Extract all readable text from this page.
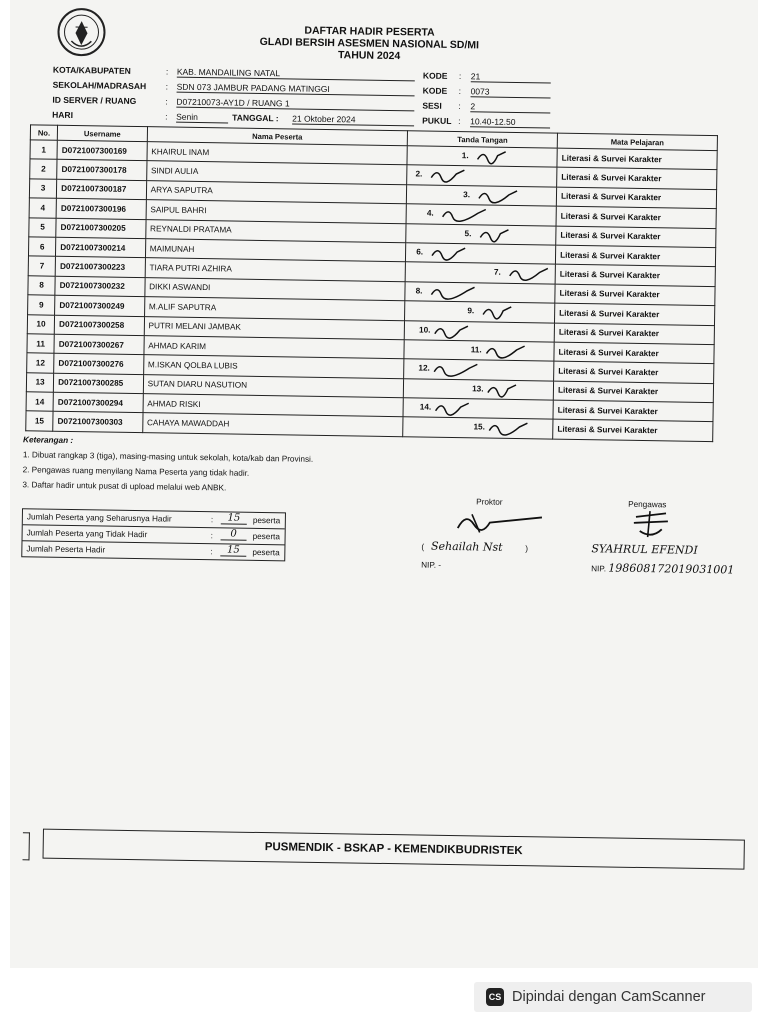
DAFTAR HADIR PESERTA
GLADI BERSIH ASESMEN NASIONAL SD/MI
TAHUN 2024
KOTA/KABUPATEN	: KAB. MANDAILING NATAL	KODE : 21
SEKOLAH/MADRASAH : SDN 073 JAMBUR PADANG MATINGGI	KODE : 0073
ID SERVER / RUANG	: D07210073-AY1D / RUANG 1	SESI : 2
HARI	: Senin	TANGGAL : 21 Oktober 2024	PUKUL : 10.40-12.50
No.	Username	Nama Peserta	Tanda Tangan	Mata Pelajaran
1	D0721007300169	KHAIRUL INAM	1.	Literasi & Survei Karakter
2	D0721007300178	SINDI AULIA	2.	Literasi & Survei Karakter
3	D0721007300187	ARYA SAPUTRA	3.	Literasi & Survei Karakter
4	D0721007300196	SAIPUL BAHRI	4.	Literasi & Survei Karakter
5	D0721007300205	REYNALDI PRATAMA	5.	Literasi & Survei Karakter
6	D0721007300214	MAIMUNAH	6.	Literasi & Survei Karakter
7	D0721007300223	TIARA PUTRI AZHIRA	7.	Literasi & Survei Karakter
8	D0721007300232	DIKKI ASWANDI	8.	Literasi & Survei Karakter
9	D0721007300249	M.ALIF SAPUTRA	9.	Literasi & Survei Karakter
10	D0721007300258	PUTRI MELANI JAMBAK	10.	Literasi & Survei Karakter
11	D0721007300267	AHMAD KARIM	11.	Literasi & Survei Karakter
12	D0721007300276	M.ISKAN QOLBA LUBIS	12.	Literasi & Survei Karakter
13	D0721007300285	SUTAN DIARU NASUTION	13.	Literasi & Survei Karakter
14	D0721007300294	AHMAD RISKI	14.	Literasi & Survei Karakter
15	D0721007300303	CAHAYA MAWADDAH	15.	Literasi & Survei Karakter
Keterangan :
1. Dibuat rangkap 3 (tiga), masing-masing untuk sekolah, kota/kab dan Provinsi.
2. Pengawas ruang menyilang Nama Peserta yang tidak hadir.
3. Daftar hadir untuk pusat di upload melalui web ANBK.
Jumlah Peserta yang Seharusnya Hadir	:	15	peserta
Jumlah Peserta yang Tidak Hadir	:	0	peserta
Jumlah Peserta Hadir	:	15	peserta
Proktor
(   Sehailah Nst          )
NIP. -
Pengawas
SYAHRUL EFENDI
NIP. 198608172019031001
PUSMENDIK - BSKAP - KEMENDIKBUDRISTEK
CS Dipindai dengan CamScanner
